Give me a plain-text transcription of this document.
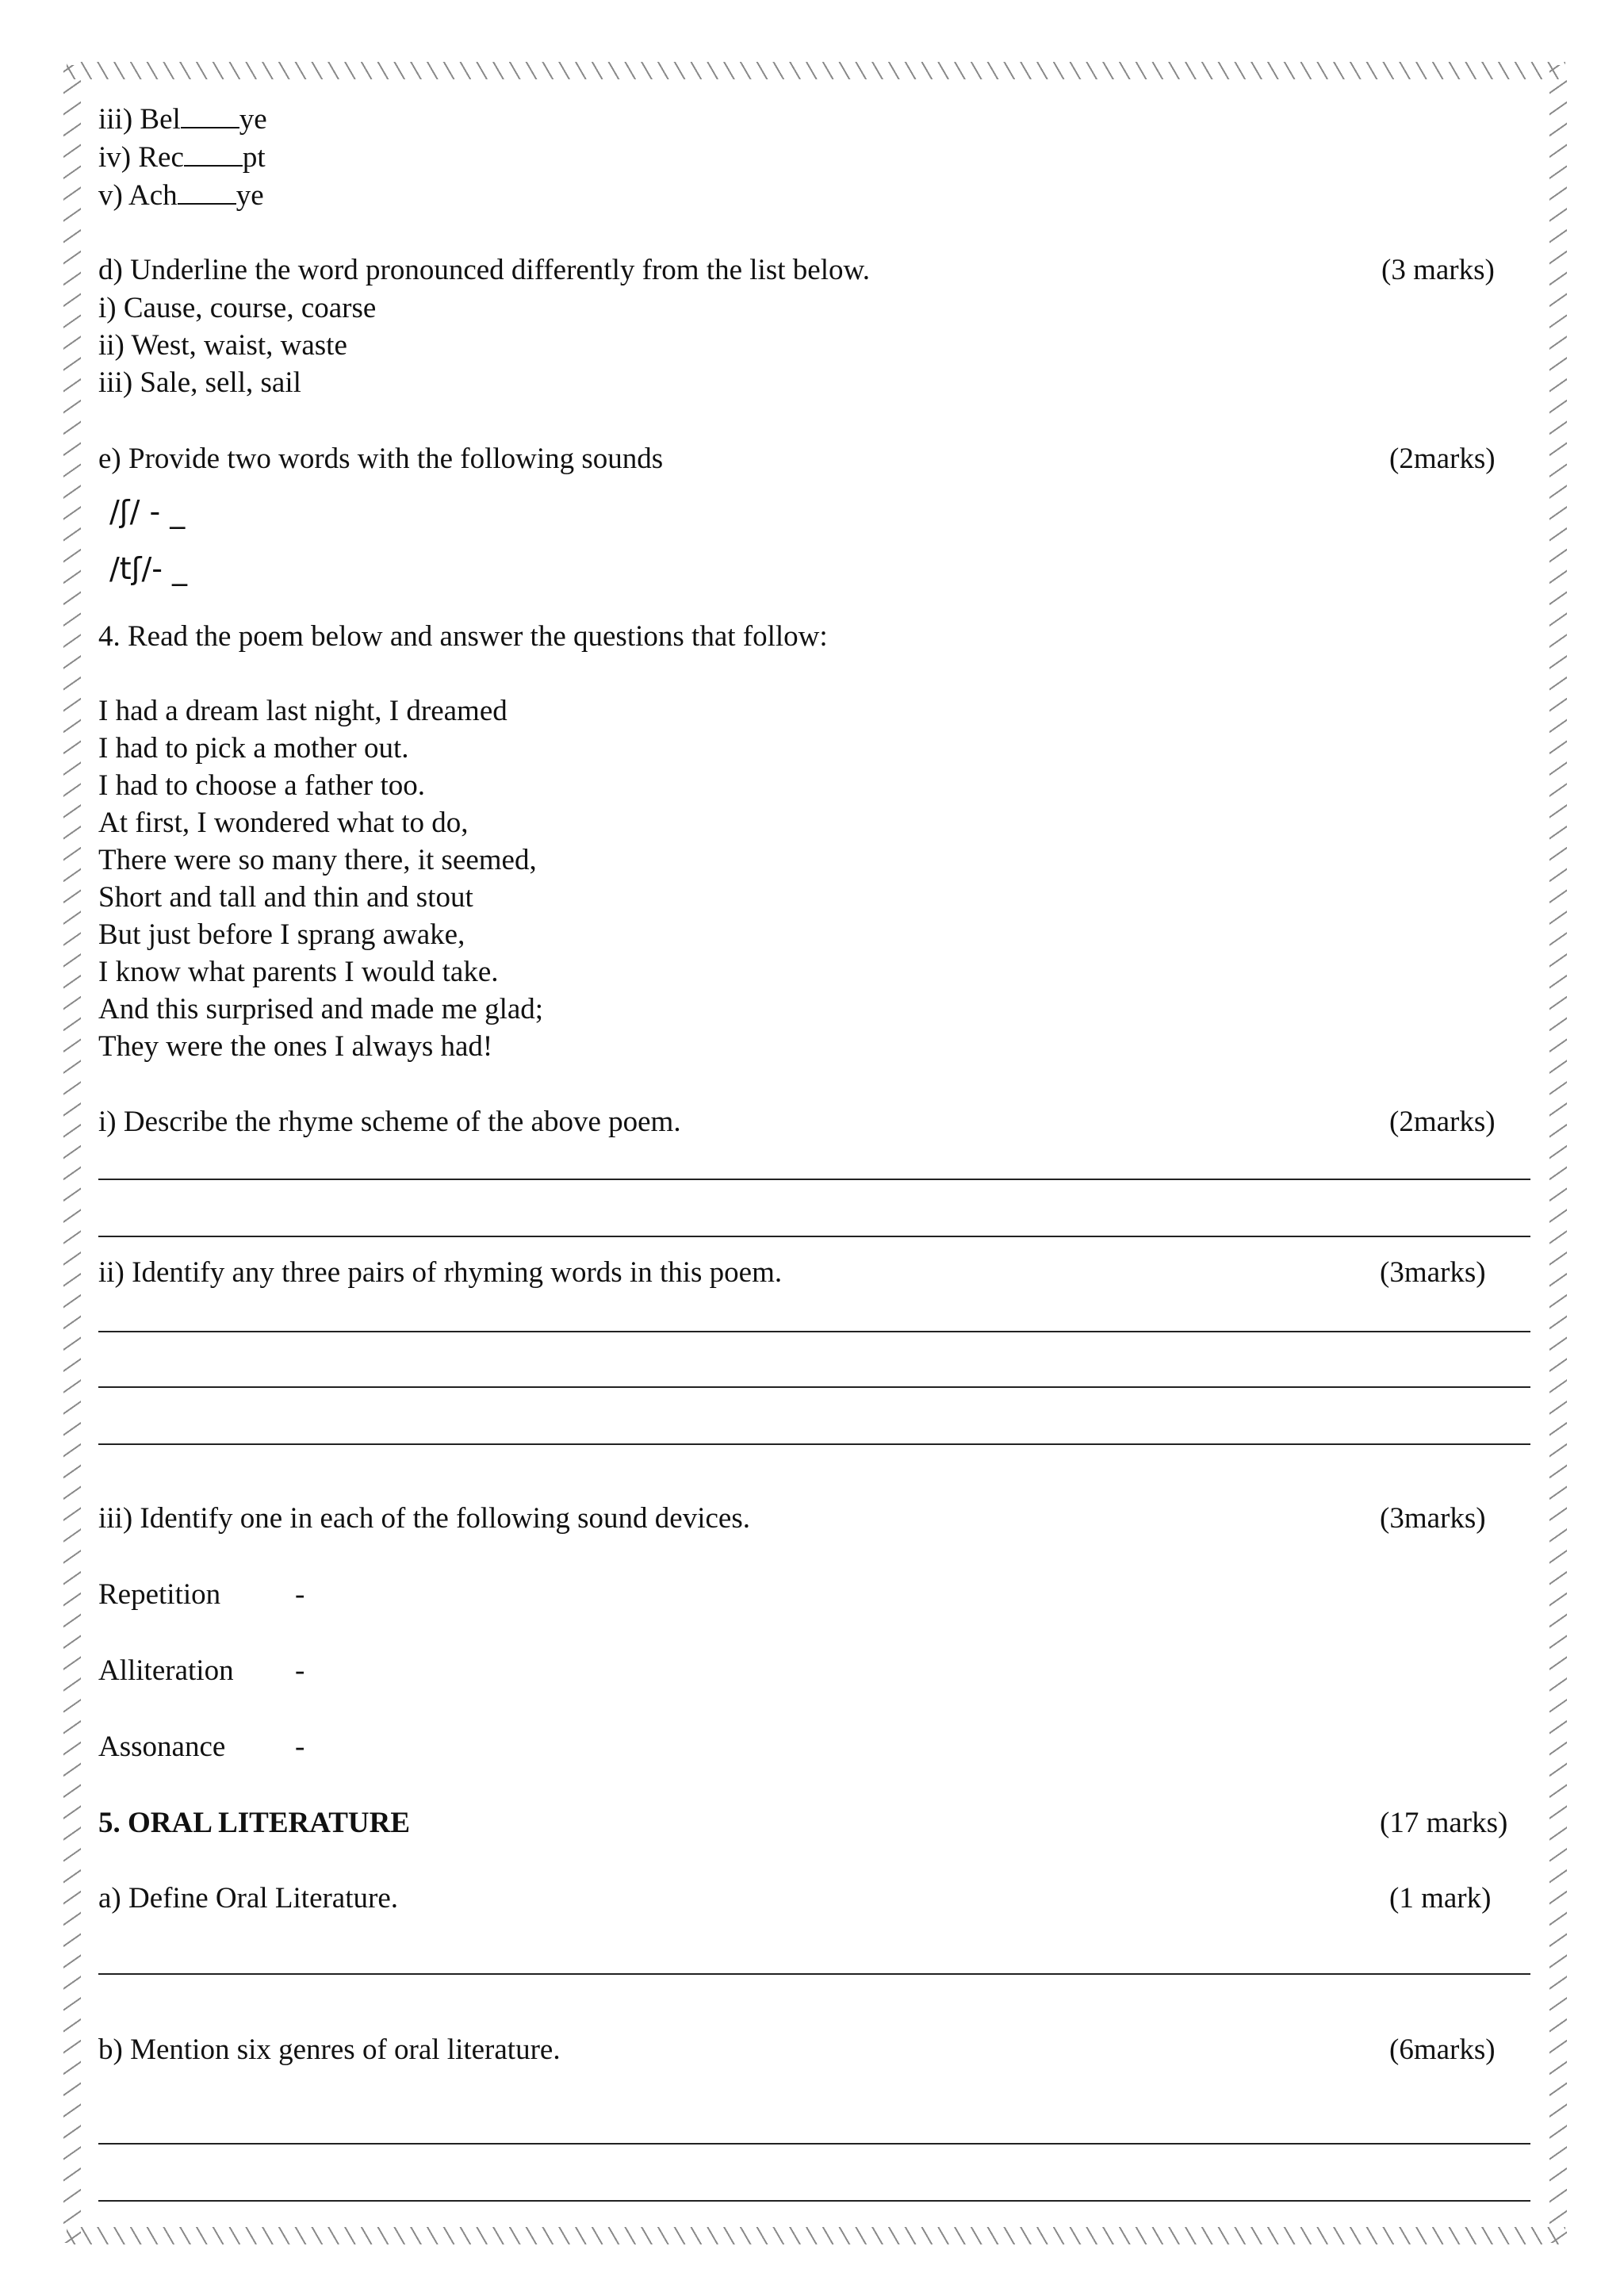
iii) Bel ye
iv) Rec pt
v) Ach ye
d) Underline the word pronounced differently from the list below.	(3 marks)
i) Cause, course, coarse
ii) West, waist, waste
iii) Sale, sell, sail
e) Provide two words with the following sounds	(2marks)
/ʃ/ - _
/tʃ/- _
4. Read the poem below and answer the questions that follow:
I had a dream last night, I dreamed
I had to pick a mother out.
I had to choose a father too.
At first, I wondered what to do,
There were so many there, it seemed,
Short and tall and thin and stout
But just before I sprang awake,
I know what parents I would take.
And this surprised and made me glad;
They were the ones I always had!
i) Describe the rhyme scheme of the above poem.	(2marks)
ii) Identify any three pairs of rhyming words in this poem.	(3marks)
iii) Identify one in each of the following sound devices.	(3marks)
Repetition	-
Alliteration -
Assonance -
5. ORAL LITERATURE	(17 marks)
a) Define Oral Literature.	(1 mark)
b) Mention six genres of oral literature.	(6marks)
